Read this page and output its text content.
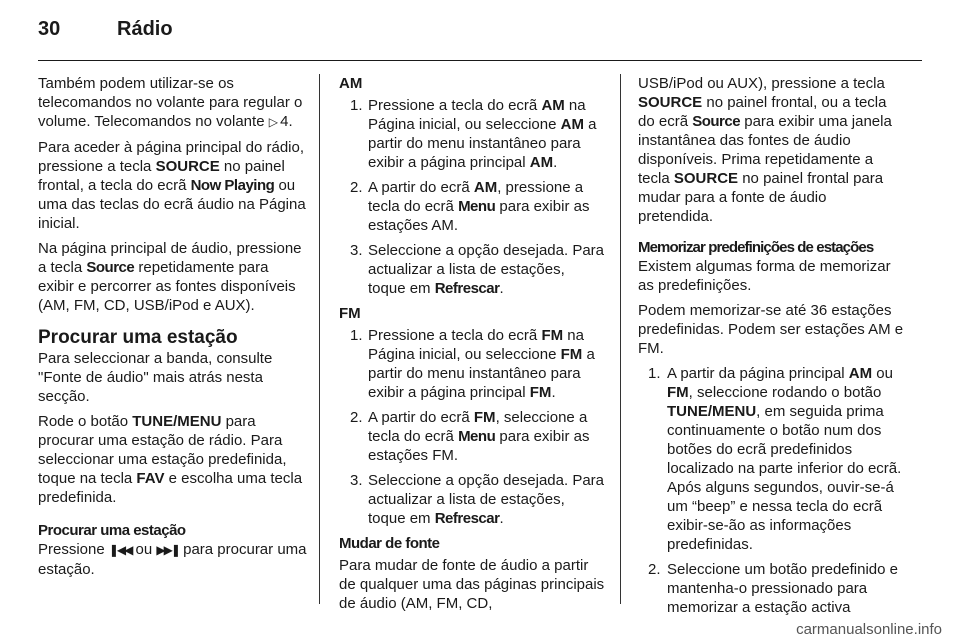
30	Rádio

Também podem utilizar-se os telecomandos no volante para regular o volume. Telecomandos no volante ▷ 4.

Para aceder à página principal do rádio, pressione a tecla SOURCE no painel frontal, a tecla do ecrã Now Playing ou uma das teclas do ecrã áudio na Página inicial.

Na página principal de áudio, pressione a tecla Source repetidamente para exibir e percorrer as fontes disponíveis (AM, FM, CD, USB/iPod e AUX).

Procurar uma estação

Para seleccionar a banda, consulte "Fonte de áudio" mais atrás nesta secção.

Rode o botão TUNE/MENU para procurar uma estação de rádio. Para seleccionar uma estação predefinida, toque na tecla FAV e escolha uma tecla predefinida.

Procurar uma estação

Pressione ❚◀◀ ou ▶▶❚ para procurar uma estação.

AM
1. Pressione a tecla do ecrã AM na Página inicial, ou seleccione AM a partir do menu instantâneo para exibir a página principal AM.
2. A partir do ecrã AM, pressione a tecla do ecrã Menu para exibir as estações AM.
3. Seleccione a opção desejada. Para actualizar a lista de estações, toque em Refrescar.
FM
1. Pressione a tecla do ecrã FM na Página inicial, ou seleccione FM a partir do menu instantâneo para exibir a página principal FM.
2. A partir do ecrã FM, seleccione a tecla do ecrã Menu para exibir as estações FM.
3. Seleccione a opção desejada. Para actualizar a lista de estações, toque em Refrescar.
Mudar de fonte

Para mudar de fonte de áudio a partir de qualquer uma das páginas principais de áudio (AM, FM, CD,

USB/iPod ou AUX), pressione a tecla SOURCE no painel frontal, ou a tecla do ecrã Source para exibir uma janela instantânea das fontes de áudio disponíveis. Prima repetidamente a tecla SOURCE no painel frontal para mudar para a fonte de áudio pretendida.

Memorizar predefinições de estações

Existem algumas forma de memorizar as predefinições.

Podem memorizar-se até 36 estações predefinidas. Podem ser estações AM e FM.

1. A partir da página principal AM ou FM, seleccione rodando o botão TUNE/MENU, em seguida prima continuamente o botão num dos botões do ecrã predefinidos localizado na parte inferior do ecrã. Após alguns segundos, ouvir-se-á um “beep” e nessa tecla do ecrã exibir-se-ão as informações predefinidas.
2. Seleccione um botão predefinido e mantenha-o pressionado para memorizar a estação activa
carmanualsonline.info
